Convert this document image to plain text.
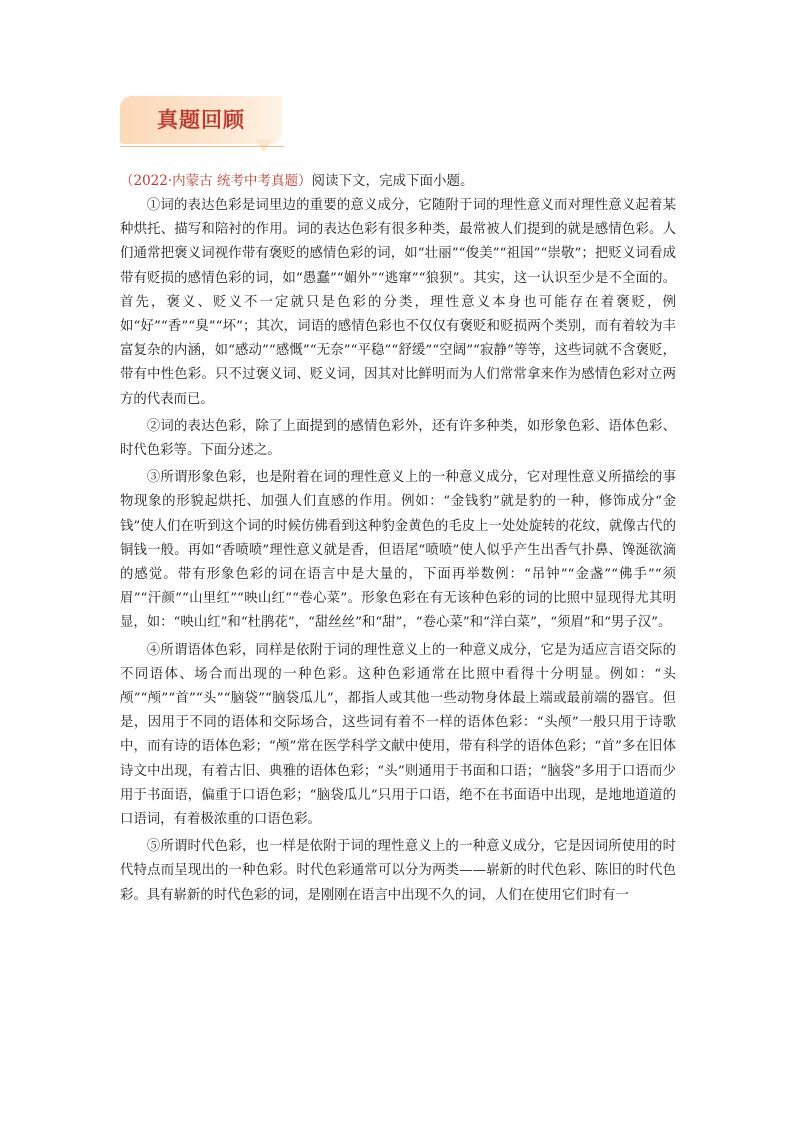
真题回顾
（2022·内蒙古 统考中考真题）阅读下文，完成下面小题。

①词的表达色彩是词里边的重要的意义成分，它随附于词的理性意义而对理性意义起着某种烘托、描写和陪衬的作用。词的表达色彩有很多种类，最常被人们提到的就是感情色彩。人们通常把褒义词视作带有褒贬的感情色彩的词，如“壮丽”“俊美”“祖国”“崇敬”；把贬义词看成带有贬损的感情色彩的词，如“愚蠢”“媚外”“逃窜”“狼狈”。其实，这一认识至少是不全面的。首先，褒义、贬义不一定就只是色彩的分类，理性意义本身也可能存在着褒贬，例如“好”“香”“臭”“坏”；其次，词语的感情色彩也不仅仅有褒贬和贬损两个类别，而有着较为丰富复杂的内涵，如“感动”“感慨”“无奈”“平稳”“舒缓”“空阔”“寂静”等等，这些词就不含褒贬，带有中性色彩。只不过褒义词、贬义词，因其对比鲜明而为人们常常拿来作为感情色彩对立两方的代表而已。

②词的表达色彩，除了上面提到的感情色彩外，还有许多种类，如形象色彩、语体色彩、时代色彩等。下面分述之。

③所谓形象色彩，也是附着在词的理性意义上的一种意义成分，它对理性意义所描绘的事物现象的形貌起烘托、加强人们直感的作用。例如：“金钱豹”就是豹的一种，修饰成分“金钱”使人们在听到这个词的时候仿佛看到这种豹金黄色的毛皮上一处处旋转的花纹，就像古代的铜钱一般。再如“香喷喷”理性意义就是香，但语尾“喷喷”使人似乎产生出香气扑鼻、馋涎欲滴的感觉。带有形象色彩的词在语言中是大量的，下面再举数例：“吊钟”“金盏”“佛手”“须眉”“汗颜”“山里红”“映山红”“卷心菜”。形象色彩在有无该种色彩的词的比照中显现得尤其明显，如：“映山红”和“杜鹃花”，“甜丝丝”和“甜”，“卷心菜”和“洋白菜”，“须眉”和“男子汉”。

④所谓语体色彩，同样是依附于词的理性意义上的一种意义成分，它是为适应言语交际的不同语体、场合而出现的一种色彩。这种色彩通常在比照中看得十分明显。例如：“头颅”“颅”“首”“头”“脑袋”“脑袋瓜儿”，都指人或其他一些动物身体最上端或最前端的器官。但是，因用于不同的语体和交际场合，这些词有着不一样的语体色彩：“头颅”一般只用于诗歌中，而有诗的语体色彩；“颅”常在医学科学文献中使用，带有科学的语体色彩；“首”多在旧体诗文中出现，有着古旧、典雅的语体色彩；“头”则通用于书面和口语；“脑袋”多用于口语而少用于书面语，偏重于口语色彩；“脑袋瓜儿”只用于口语，绝不在书面语中出现，是地地道道的口语词，有着极浓重的口语色彩。

⑤所谓时代色彩，也一样是依附于词的理性意义上的一种意义成分，它是因词所使用的时代特点而呈现出的一种色彩。时代色彩通常可以分为两类——崭新的时代色彩、陈旧的时代色彩。具有崭新的时代色彩的词，是刚刚在语言中出现不久的词，人们在使用它们时有一
